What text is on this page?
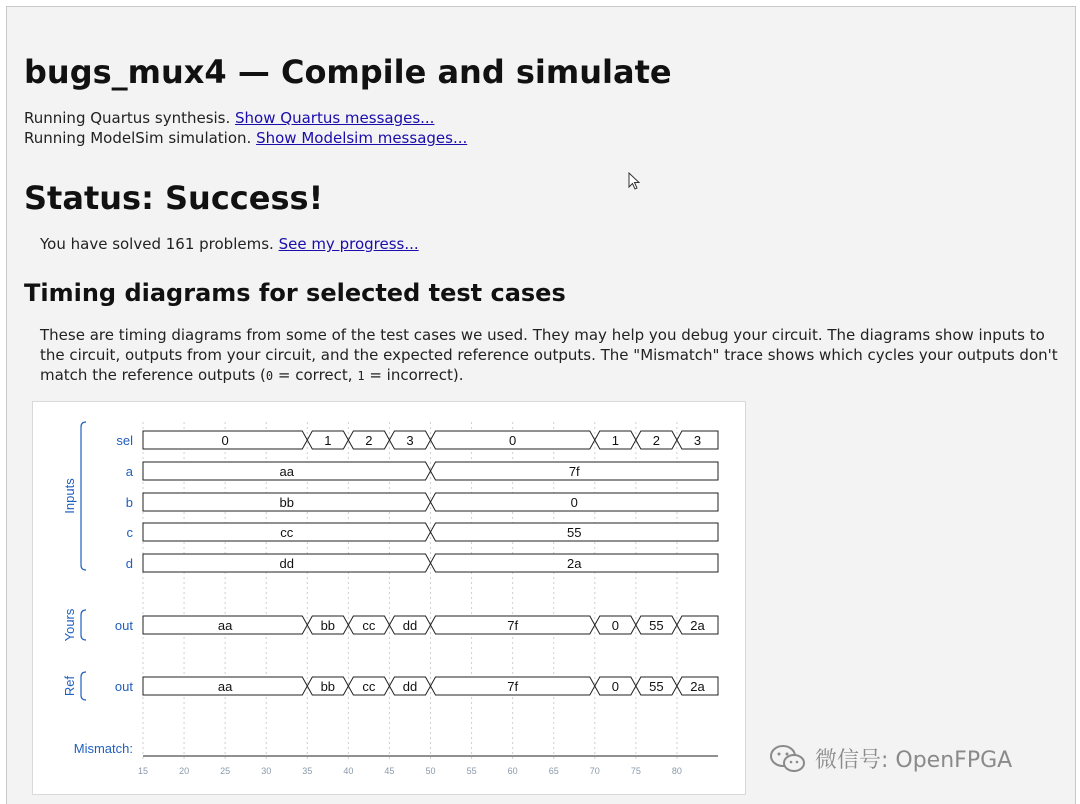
bugs_mux4 — Compile and simulate
Running Quartus synthesis. Show Quartus messages...
Running ModelSim simulation. Show Modelsim messages...
Status: Success!
You have solved 161 problems. See my progress...
Timing diagrams for selected test cases
These are timing diagrams from some of the test cases we used. They may help you debug your circuit. The diagrams show inputs to the circuit, outputs from your circuit, and the expected reference outputs. The "Mismatch" trace shows which cycles your outputs don't match the reference outputs (0 = correct, 1 = incorrect).
15	20	25	30	35	40	45	50	55	60	65	70	75	80
sel	0	1	2	3	0	1	2	3
a	aa	7f
b	bb	0
c	cc	55
d	dd	2a
out	aa	bb cc dd	7f	0 55 2a
out	aa	bb cc dd	7f	0 55 2a
Mismatch:
Inputs
Yours
Ref
微信号: OpenFPGA
